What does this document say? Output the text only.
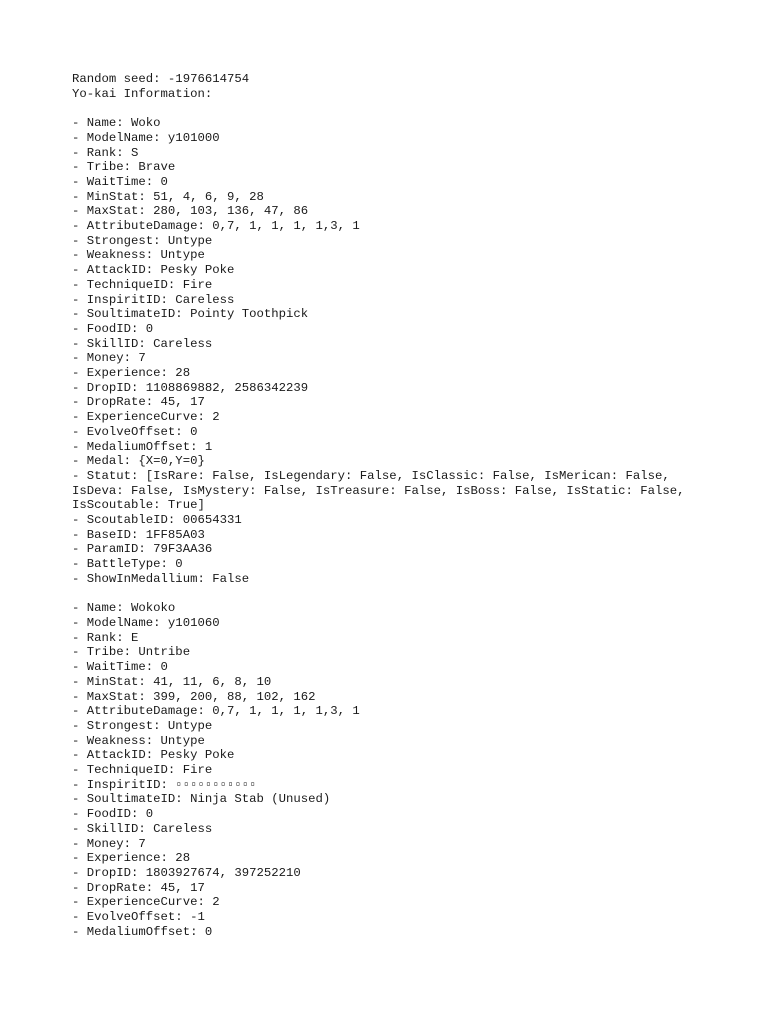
Random seed: -1976614754
Yo-kai Information:
- Name: Woko
- ModelName: y101000
- Rank: S
- Tribe: Brave
- WaitTime: 0
- MinStat: 51, 4, 6, 9, 28
- MaxStat: 280, 103, 136, 47, 86
- AttributeDamage: 0,7, 1, 1, 1, 1,3, 1
- Strongest: Untype
- Weakness: Untype
- AttackID: Pesky Poke
- TechniqueID: Fire
- InspiritID: Careless
- SoultimateID: Pointy Toothpick
- FoodID: 0
- SkillID: Careless
- Money: 7
- Experience: 28
- DropID: 1108869882, 2586342239
- DropRate: 45, 17
- ExperienceCurve: 2
- EvolveOffset: 0
- MedaliumOffset: 1
- Medal: {X=0,Y=0}
- Statut: [IsRare: False, IsLegendary: False, IsClassic: False, IsMerican: False, IsDeva: False, IsMystery: False, IsTreasure: False, IsBoss: False, IsStatic: False, IsScoutable: True]
- ScoutableID: 00654331
- BaseID: 1FF85A03
- ParamID: 79F3AA36
- BattleType: 0
- ShowInMedallium: False
- Name: Wokoko
- ModelName: y101060
- Rank: E
- Tribe: Untribe
- WaitTime: 0
- MinStat: 41, 11, 6, 8, 10
- MaxStat: 399, 200, 88, 102, 162
- AttributeDamage: 0,7, 1, 1, 1, 1,3, 1
- Strongest: Untype
- Weakness: Untype
- AttackID: Pesky Poke
- TechniqueID: Fire
- InspiritID: ▫▫▫▫▫▫▫▫▫▫▫
- SoultimateID: Ninja Stab (Unused)
- FoodID: 0
- SkillID: Careless
- Money: 7
- Experience: 28
- DropID: 1803927674, 397252210
- DropRate: 45, 17
- ExperienceCurve: 2
- EvolveOffset: -1
- MedaliumOffset: 0
